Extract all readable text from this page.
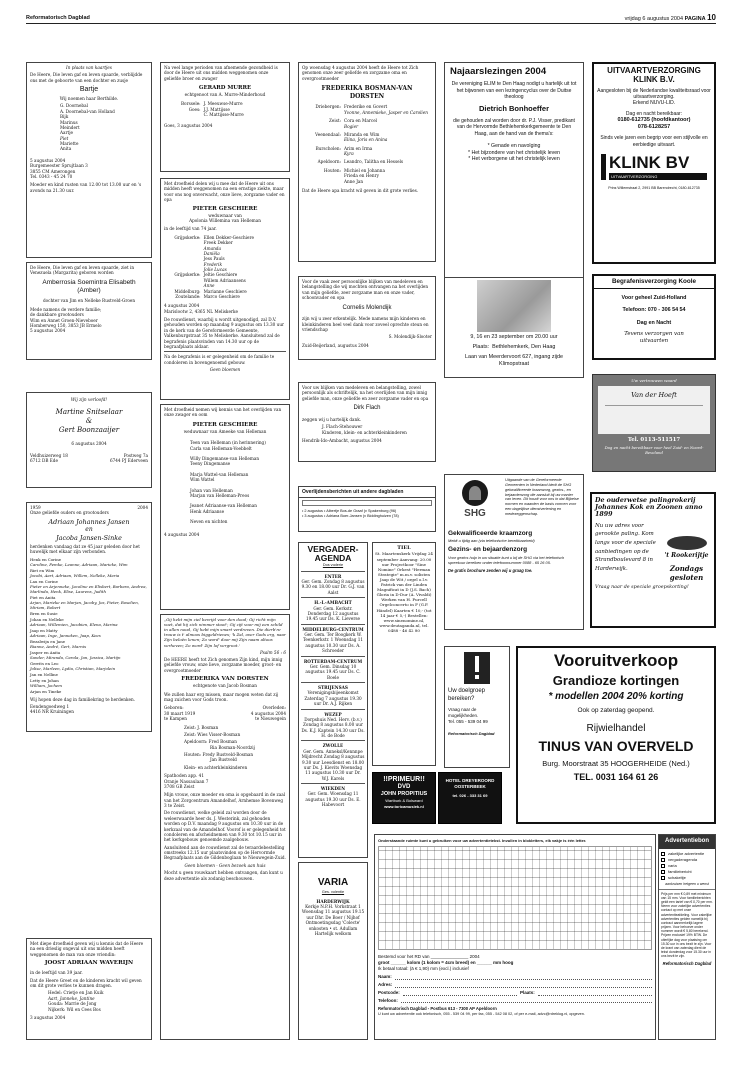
Reformatorisch Dagblad	vrijdag 6 augustus 2004 PAGINA 10
In plaats van kaartjes

De Heere, Die leven gaf en leven spaarde, verblijdde ons met de geboorte van een dochter en zusje

Bartje

Wij noemen haar Berthilde.

G. Doornebal
A. Doornebal-van Holland
Bijk
Marinus
Meindert
Aartje
Piet
Mariette
Anita
5 augustus 2004
Burgemeester Sprujtlaan 3
3855 CM Amerongen
Tel. 0343 - 45 24 70

Moeder en kind rusten van 12.00 tot 13.00 uur en 's avonds na 21.30 uur.

De Heere, Die leven gaf en leven spaarde, ziet in Venezuela (Margarita) geboren worden

Amberrosia Soemintra Elisabeth (Amber)

dochter van Jim en Nelleke Rustveld-Groen

Mede namens de verdere familie;
de dankbare grootouders
Wim en Annet Groen-Nieveboer
Homberweg 150, 3853 JB Ermelo
5 augustus 2004
Wij zijn verloofd!
Martine Snitselaar
&
Gert Boonzaaijer
6 augustus 2004
Veldhuizerweg 18
6712 DB Ede
Postweg 7a
6744 PJ Ederveen
1959	2004

Onze geliefde ouders en grootouders

Adriaan Johannes Jansen
en
Jacoba Jansen-Sinke

herdenken vandaag dat ze 45 jaar geleden door het huwelijk met elkaar zijn verbonden.

Henk en Corine
Caroline, Femke, Leanne, Adriaan, Marieke, Wim
Riet en Wim
Jacobi, Aart, Adriaan, Willem, Nelleke, Maria
Lau en Corine
Pieter en Arjenneke, Jacoline en Elisbert, Barbara, Andrea, Marlinda, Henk, Elise, Laurens, Judith
Piet en Anita
Arjan, Marieke en Marjan, Jacoby, Jos, Pieter, Roselien, Miriam, Robert
Bren en Susie
Johan en Nelleke
Adriaan, Willemien, Jacobien, Elena, Marina
Jaap en Matty
Adriaan, Inge, Janneken, Jaap, Kees
Bezalwijn en Jane
Rianne, André, Gert, Marnix
Jasper en Anita
Sander, Miranda, Carola, Jan, Jessica, Martijn
Gerrits en Leo
Jolise, Marleen, Lydia, Christian, Marjolein
Jan en Nelline
Letty en Johan
William, Jochem
Arjan en Tineke

Wij hopen deze dag in familiekring te herdenken.

Eendengoedweg 1
4416 NR Kruiningen

Met diepe droefheid geven wij u kennis dat de Heere na een drieslig ongeval uit ons midden heeft weggenomen de man van onze vriendin:

JOOST ADRIAAN WAVERIJN

in de leeftijd van 39 jaar.

Dat de Heere Greet en de kinderen kracht wil geven om dit grote verlies te kunnen dragen.

Hedel: Crietje en Jan Kuik
Aart, Janneke, Jantine
Gouda: Marrie de Jong
Nijkerk: Wil en Cees Bos
3 augustus 2004

Na veel lange perioden van afnemende gezondheid is door de Heere uit ons midden weggenomen onze geliefde broer en zwager

GERARD MURRE

echtgenoot van A. Murre-Minderhoud

Borssele: J. Meeuwse-Murre
Goes: J.J. Mattijsse
C. Mattijsse-Murre
Goes, 3 augustus 2004

Met droefheid delen wij u mee dat de Heere uit ons midden heeft weggenomen na een ernstige ziekte, maar voor ons nog onverwacht, onze lieve, zorgzame vader en opa

PIETER GESCHIERE
weduwnaar van
Apolonia Willemina van Helleman

in de leeftijd van 74 jaar.

Grijpskerke: Ellen Dekker-Geschiere
Freek Dekker
Amanda
Daniëla
Jess Pauls
Frederik
Jolie Lucas
Grijpskerke: Jeltie Geschiere
Willem Adriaansens
Anne
Middelburg: Marianne Geschiere
Zoutelande: Marco Geschiere
4 augustus 2004
Marislootw 2, 4365 NL Meliskerke

De rouwdienst, waarbij u wordt uitgenodigd, zal D.V. gehouden worden op maandag 9 augustus om 13.30 uur in de kerk van de Gereformeerde Gemeente, Valkenburgstraat 35 te Meliskerke. Aansluitend zal de begrafenis plaatsvinden van 14.30 uur op de begraafplaats aldaar.

Na de begrafenis is er gelegenheid om de familie te condoleren in bovengenoemd gebouw.

Geen bloemen

Met droefheid nemen wij kennis van het overlijden van onze zwager en oom

PIETER GESCHIERE
weduwnaar van Ameeke van Helleman
Teen van Helleman (in herinnering)
Carla van Helleman-Voebbelt
Willy Dingemanse-van Helleman
Teeny Dingemanse
Marja Wattel-van Helleman
Wim Wattel
Johan van Helleman
Marjan van Helleman-Preos
Jeanet Adriaanse-van Helleman
Henk Adriaanse
Neven en nichten
4 augustus 2004

„Gij hebt mijn ziel bevrijd voor den dood; Gij richt mijn voet, dat hij zich nimmer stoot'; Gij zijt voor mij een schild in allen nood, Gij hebt mijn smart verdreven. Die dierb're trouw is t' almoos biggeldrienes; 'k Zal, over Gods erg, naar Zijn beloën lenen; Zo word' door mij Zijn naam altoos verheven; Zo word' Zijn lof vergroot.'

Psalm 56 : 6

De HEERE heeft tot Zich genomen Zijn kind, mijn innig geliefde vrouw, onze lieve, zorgzame moeder, groot- en overgrootmoeder

FREDERIKA VAN DORSTEN
echtgenote van Jacob Bosman

We zullen haar erg missen, maar mogen weten dat zij mag zuichen voor Gods troon.

Geboren:
30 maart 1919
te Kampen
Overleden:
4 augustus 2004
te Nieuwegein
Zeist: J. Bosman
Zeist: Wies Visser-Bosman
Apeldoorn: Fred Bosman
Ria Bosman-Noordzij
Houten: Fredy Rustveld-Bosman
Jan Rustveld
Klein- en achterkleinkinderen
Spathoden app. 41
Oranje Nassaulaan 7
3708 GB Zeist

Mijn vrouw, onze moeder en oma is opgebaard in de zaal van het Zorgcentrum Amandelhof, Arnhemse Bovenweg 3 te Zeist.

De rouwdienst, welke geleid zal worden door de weleerwaarde heer ds. J. Westerink, zal gehouden worden op D.V. maandag 9 augustus om 10.30 uur in de kerkzaal van de Amandelhof. Voorof is er gelegenheid tot condoleren en afscheidnemen van 9.30 tot 10.15 uur in het kerkgebouw genoemde zaalgebouw.

Aansluitend aan de rouwdienst zal de teraardebestelling omstreeks 12.15 uur plaatsvinden op de Hervormde Begraafplaats aan de Gildenboglaan te Nieuwegein-Zuid.

Geen bloemen - Geen bezoek aan huis

Mocht u geen rouwkaart hebben ontvangen, dan kunt u deze advertentie als zodanig beschouwen.

Op woensdag 4 augustus 2004 heeft de Heere tot Zich genomen onze zeer geliefde en zorgzame oma en overgrootmoeder

FREDERIKA BOSMAN-VAN DORSTEN
Driebergen: Frederike en Govert
Yvonne, Annemieke, Jasper en Carolien
Zeist: Cora en Marcel
Bogier
Veenendaal: Miranda en Wim
Elina, Joris en Anina
Burscholen: Arim en Irma
Kyra
Apeldoorn: Leandro, Talitha en Hessels
Houten: Michiel en Johanna
Frieda en Henry
Anne Jan

Dat de Heere apa kracht wil geven in dit grote verlies.

Voor de vaak zeer persoonlijke blijken van medeleven en belangstelling die wij mochten ontvangen na het overlijden van mijn geliefde, zeer zorgzame man en onze vader, schoonvader en opa

Cornelis Molendijk

zijn wij u zeer erkentelijk. Mede namens mijn kinderen en kleinkinderen heel veel dank voor zoveel oprechte steun en vriendschap

S. Molendijk-Slooter
Zuid-Beijerland, augustus 2004

Voor uw blijken van medeleven en belangstelling, zowel persoonlijk als schriftelijk, na het overlijden van mijn innig geliefde man, onze geliefde en zeer zorgzame vader en opa

Dirk Flach

zeggen wij u hartelijk dank.

J. Flach-Stehouwer
Kinderen, klein- en achterkleinkinderen
Hendrik-Ido-Ambacht, augustus 2004
Overlijdensberichten uit andere dagbladen
• 2 augustus • Albertje Bos-de Graaf (v Spakenburg (96)
• 3 augustus • Adriana Boer-Jansen (v Biddinghuizen (78)
VERGADER-AGENDA
Dos voderie
ENTER
Ger. Gem. Zondag 8 augustus 9.30 en 18.00 uur Dr. G.J. van Aalst
H.-I.-AMBACHT
Ger. Gem. Kerkstr. Donderdag 12 augustus 19.45 uur Ds. K. Lieverse
MIDDELBURG-CENTRUM
Ger. Gem. Ter Boogkerk W. Teenkerkstr. 1 Woensdag 11 augustus 10.30 uur Ds. A. Schroeder
ROTTERDAM-CENTRUM
Ger. Gem. Dinsdag 10 augustus 19.45 uur Ds. C. Boele
STRIJENSAS
Verenigingsbijeenkomst Zaterdag 7 augustus 19.30 uur Dr. A.J. Rijken
WEZEP
Dorpshuis Ned. Herv. (b.v.) Zondag 8 augustus 8.00 uur Ds. K.J. Kaptein 14.30 uur Ds. H. de Bode
ZWOLLE
Ger. Gem. Anneksl/Kennnpe Mijdrecht Zondag 8 augustus 9.30 uur Leesdienst en 18.00 uur Ds. J. Kievits Woensdag 11 augustus 10.30 uur Dr. W.J. Karels
WIEKDEN
Ger. Gem. Woensdag 11 augustus 19.30 uur Ds. E. Habevoort
VARIA
Ges. volentie
HARDERWIJK
Kerkje N.P.H. Vorkstraat 1 Woensdag 11 augustus 19.15 uur Dhr. De Boer / Nijhof Ontmoetingsdag 'Colecte' onkosten • st. Adullam Hartelijk welkom
TIEL
St. Maartenskerk Vrijdag 24 september Aanvang: 20.00 uur Projectkoor "Sine Nomine" Orkest "Herman Strategie" m.m.v. solisten Jaap de Wit / orgel o.l.v. Patrick van der Linden Magnificat in D (J.S. Bach) Gloria in D-Dur (A. Vivaldi) Werken van H. Purcell Orgelconcerto in F (G.F. Händel) Kaarten € 10,- (tot 14 jaar € 5,-) Bestellen: www.sinenomine.nl, www.deutaganda.nl, tel. 0488 - 46 42 80
!!PRIMEUR!!
DVD
JOHN PROPITIUS
Wartburk & Bolsward
www.toricamusiek.nl
HOTEL DREYEROORD
OOSTERBEEK
tel. 026 - 333 31 69
Najaarslezingen 2004
De vereniging ELIM te Den Haag nodigt u hartelijk uit tot het bijwonen van een lezingencyclus over de Duitse theoloog
Dietrich Bonhoeffer
die gehouden zal worden door dr. P.J. Visser, predikant van de Hervormde Bethlehemkerkgemeente te Den Haag, aan de hand van de thema's:
* Genade en navolging
* Het bijzondere van het christelijk leven
* Het verborgene uit het christelijk leven
9, 16 en 23 september om 20.00 uur
Plaats: Bethlehemkerk, Den Haag
Laan van Meerdervoort 627, ingang zijde Klimopstraat
SHG
Uitgaande van de Gereformeerde Gemeenten in Nederland biedt de SHG gekwalificeerde kraamzorg, gezins-, en bejaardenzorg die aansluit bij uw manier van leven. Dit houdt voor ons in dat Bijbelse normen en waarden de basis vormen voor een dagelijkse dienstverlening en medezeggenschap.
Gekwalificeerde kraamzorg
Meldt u tijdig aan (via telefonische bereikbaarheid)
Gezins- en bejaardenzorg
Voor gezins hulp in uw situatie kunt u bij de SHG via het telefonisch spreekuur bereiken onder telefoonnummer 0088 - 65 26 05.
De gratis brochure zenden wij u graag toe.
Uw doelgroep bereiken?
Vraag naar de mogelijkheden.
Tel. 055 - 539 04 99
Reformatorisch Dagblad
Vooruitverkoop
Grandioze kortingen
* modellen 2004 20% korting
Ook op zaterdag geopend.
Rijwielhandel
TINUS VAN OVERVELD
Burg. Moorstraat 35 HOOGERHEIDE (Ned.)
TEL. 0031 164 61 26
UITVAARTVERZORGING KLINK B.V.
Aangesloten bij de Nederlandse kwaliteitsraad voor uitvaartverzorging.
Erkend NUVU-LID.
Dag en nacht bereikbaar:
0180-612735 (hoofdkantoor)
078-6128257
Sinds vele jaren een begrip voor een stijlvolle en eerbiedige uitvaart.
KLINK BV
UITVAARTVERZORGING
Prins Willemstraat 2, 2991 BB Barendrecht, 0180-612735
Begrafenisverzorging Koole
Voor geheel Zuid-Holland
Telefoon: 070 - 306 54 54
Dag en Nacht
Tevens verzorgen van
uitvaarten
Uw vertrouwen waard
Van der Hoeft
Tel. 0113-511517
Dag en nacht bereikbaar voor heel Zuid- en Noord-Beveland
De ouderwetse palingrokerij Johannes Kok en Zoonen anno 1899
Nu uw adres voor gerookte paling. Kom langs voor de speciale aanbiedingen op de Strandboulevard 8 in Harderwijk.
't Rookerijtje
Zondags gesloten
Vraag naar de speciale groepskorting!
Onderstaande ruimte kunt u gebruiken voor uw advertentietekst. Invullen in blokletters, elk vakje is één letter.
Bestemd voor het RD van _______________ 2004
groot ______ kolom (1 kolom = 4cm breed) en ______ mm hoog
Ik betaal totaal: (ä € 1,90) mm (excl.) inclusief
Naam:
Adres:
Postcode:	Plaats:
Telefoon:
Reformatorisch Dagblad - Postbus 613 - 7300 AP Apeldoorn
U kunt uw advertentie ook telefonisch, 055 - 539 04 99, per fax, 055 - 542 08 02, of per e-mail, advc@rdreklog.nl, opgeven.
Advertentiebon
zakelijke advertentie
vergaderagenda
varia
familiebericht
schakeltje
aankruisen hetgeen u wenst
Prijs per mm € 0,89 met minimum van 15 mm. Voor familieberichten geldt een tarief van € 0,70 per mm. Neem voor zakelijke advertenties contact op met onze advertentieafdeling. Voor zakelijke advertenties gelden namelijk bij contract aanmerkelijk lagere prijzen. Voor behoeve onder nummer wordt € 5,80 berekend. Prijzen exclusief 19% BTW. De uiterlijke dag voor plaatsing om 15.30 uur in ons bezit te zijn. Voor de krant van zaterdag dient de tekst donderdag voor 15.30 uur in ons bezit te zijn.
Reformatorisch Dagblad
